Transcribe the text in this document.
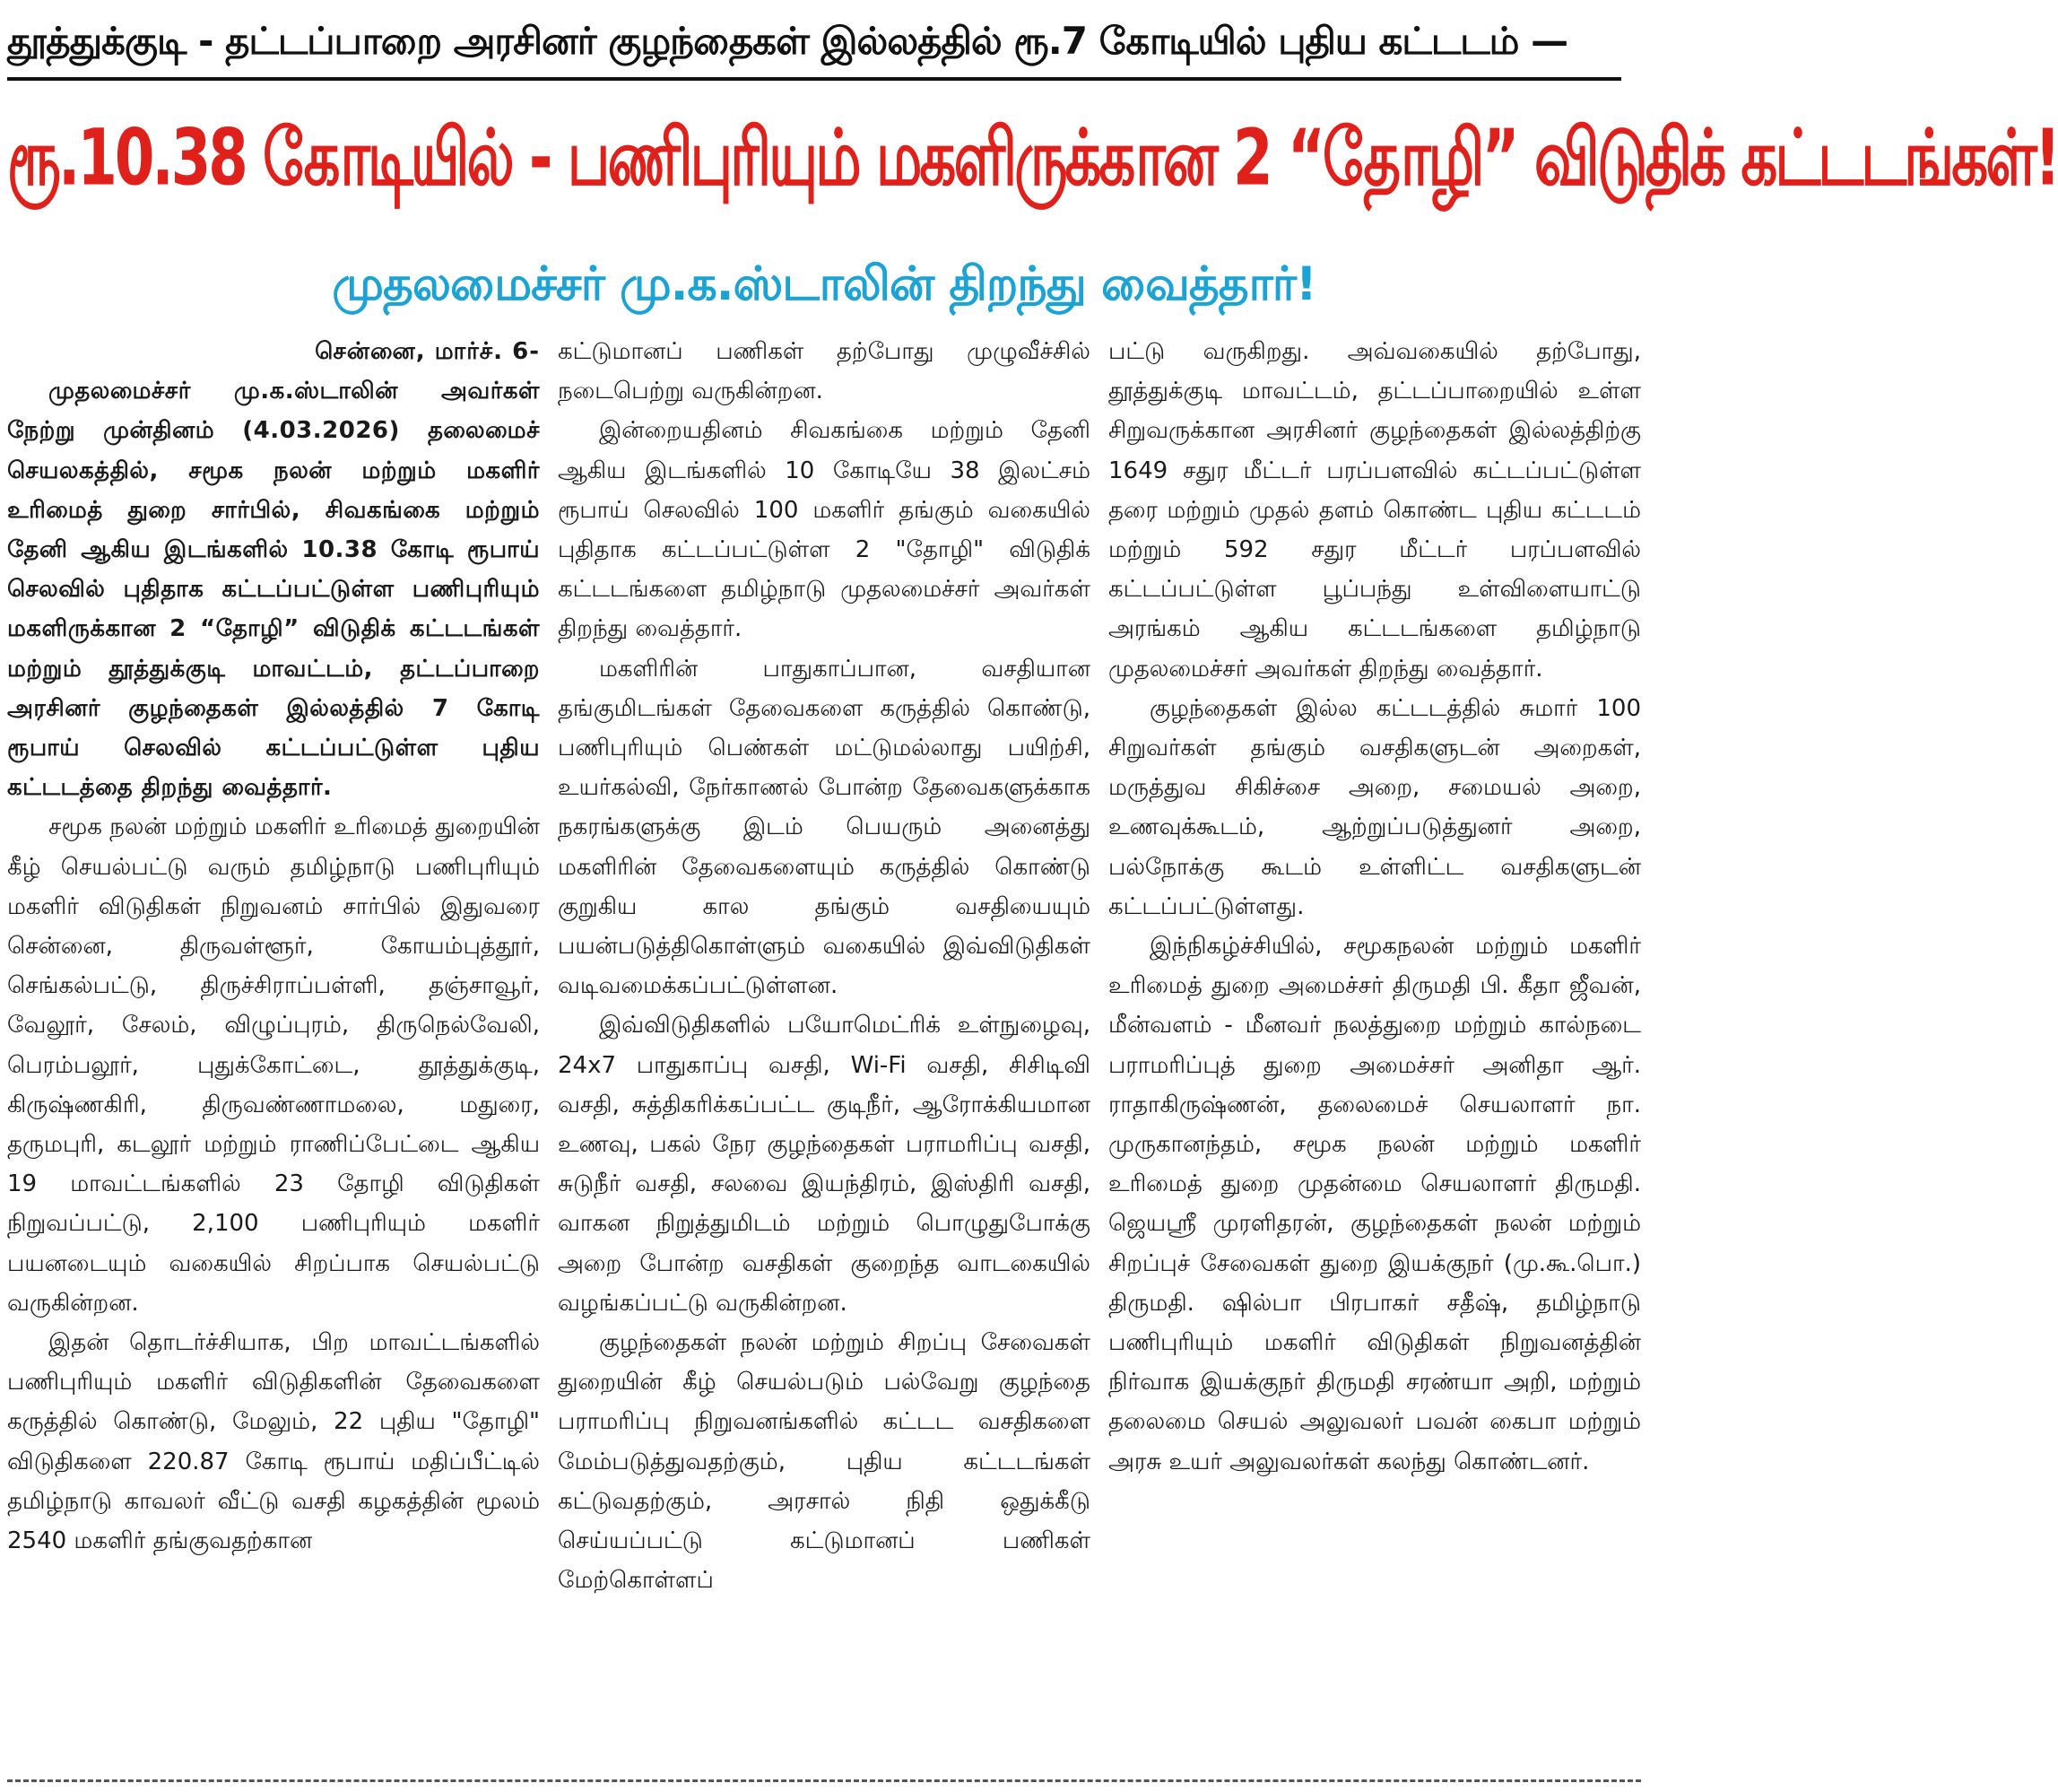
தூத்துக்குடி - தட்டப்பாறை அரசினர் குழந்தைகள் இல்லத்தில் ரூ.7 கோடியில் புதிய கட்டடம் —
ரூ.10.38 கோடியில் - பணிபுரியும் மகளிருக்கான 2 “தோழி” விடுதிக் கட்டடங்கள்!
முதலமைச்சர் மு.க.ஸ்டாலின் திறந்து வைத்தார்!

சென்னை, மார்ச். 6-

முதலமைச்சர் மு.க.ஸ்டாலின் அவர்கள் நேற்று முன்தினம் (4.03.2026) தலைமைச் செயலகத்தில், சமூக நலன் மற்றும் மகளிர் உரிமைத் துறை சார்பில், சிவகங்கை மற்றும் தேனி ஆகிய இடங்களில் 10.38 கோடி ரூபாய் செலவில் புதிதாக கட்டப்பட்டுள்ள பணிபுரியும் மகளிருக்கான 2 “தோழி” விடுதிக் கட்டடங்கள் மற்றும் தூத்துக்குடி மாவட்டம், தட்டப்பாறை அரசினர் குழந்தைகள் இல்லத்தில் 7 கோடி ரூபாய் செலவில் கட்டப்பட்டுள்ள புதிய கட்டடத்தை திறந்து வைத்தார்.

சமூக நலன் மற்றும் மகளிர் உரிமைத் துறையின் கீழ் செயல்பட்டு வரும் தமிழ்நாடு பணிபுரியும் மகளிர் விடுதிகள் நிறுவனம் சார்பில் இதுவரை சென்னை, திருவள்ளூர், கோயம்புத்தூர், செங்கல்பட்டு, திருச்சிராப்பள்ளி, தஞ்சாவூர், வேலூர், சேலம், விழுப்புரம், திருநெல்வேலி, பெரம்பலூர், புதுக்கோட்டை, தூத்துக்குடி, கிருஷ்ணகிரி, திருவண்ணாமலை, மதுரை, தருமபுரி, கடலூர் மற்றும் ராணிப்பேட்டை ஆகிய 19 மாவட்டங்களில் 23 தோழி விடுதிகள் நிறுவப்பட்டு, 2,100 பணிபுரியும் மகளிர் பயனடையும் வகையில் சிறப்பாக செயல்பட்டு வருகின்றன.

இதன் தொடர்ச்சியாக, பிற மாவட்டங்களில் பணிபுரியும் மகளிர் விடுதிகளின் தேவைகளை கருத்தில் கொண்டு, மேலும், 22 புதிய "தோழி" விடுதிகளை 220.87 கோடி ரூபாய் மதிப்பீட்டில் தமிழ்நாடு காவலர் வீட்டு வசதி கழகத்தின் மூலம் 2540 மகளிர் தங்குவதற்கான

கட்டுமானப் பணிகள் தற்போது முழுவீச்சில் நடைபெற்று வருகின்றன.

இன்றையதினம் சிவகங்கை மற்றும் தேனி ஆகிய இடங்களில் 10 கோடியே 38 இலட்சம் ரூபாய் செலவில் 100 மகளிர் தங்கும் வகையில் புதிதாக கட்டப்பட்டுள்ள 2 "தோழி" விடுதிக் கட்டடங்களை தமிழ்நாடு முதலமைச்சர் அவர்கள் திறந்து வைத்தார்.

மகளிரின் பாதுகாப்பான, வசதியான தங்குமிடங்கள் தேவைகளை கருத்தில் கொண்டு, பணிபுரியும் பெண்கள் மட்டுமல்லாது பயிற்சி, உயர்கல்வி, நேர்காணல் போன்ற தேவைகளுக்காக நகரங்களுக்கு இடம் பெயரும் அனைத்து மகளிரின் தேவைகளையும் கருத்தில் கொண்டு குறுகிய கால தங்கும் வசதியையும் பயன்படுத்திகொள்ளும் வகையில் இவ்விடுதிகள் வடிவமைக்கப்பட்டுள்ளன.

இவ்விடுதிகளில் பயோமெட்ரிக் உள்நுழைவு, 24x7 பாதுகாப்பு வசதி, Wi-Fi வசதி, சிசிடிவி வசதி, சுத்திகரிக்கப்பட்ட குடிநீர், ஆரோக்கியமான உணவு, பகல் நேர குழந்தைகள் பராமரிப்பு வசதி, சுடுநீர் வசதி, சலவை இயந்திரம், இஸ்திரி வசதி, வாகன நிறுத்துமிடம் மற்றும் பொழுதுபோக்கு அறை போன்ற வசதிகள் குறைந்த வாடகையில் வழங்கப்பட்டு வருகின்றன.

குழந்தைகள் நலன் மற்றும் சிறப்பு சேவைகள் துறையின் கீழ் செயல்படும் பல்வேறு குழந்தை பராமரிப்பு நிறுவனங்களில் கட்டட வசதிகளை மேம்படுத்துவதற்கும், புதிய கட்டடங்கள் கட்டுவதற்கும், அரசால் நிதி ஒதுக்கீடு செய்யப்பட்டு கட்டுமானப் பணிகள் மேற்கொள்ளப்

பட்டு வருகிறது. அவ்வகையில் தற்போது, தூத்துக்குடி மாவட்டம், தட்டப்பாறையில் உள்ள சிறுவருக்கான அரசினர் குழந்தைகள் இல்லத்திற்கு 1649 சதுர மீட்டர் பரப்பளவில் கட்டப்பட்டுள்ள தரை மற்றும் முதல் தளம் கொண்ட புதிய கட்டடம் மற்றும் 592 சதுர மீட்டர் பரப்பளவில் கட்டப்பட்டுள்ள பூப்பந்து உள்விளையாட்டு அரங்கம் ஆகிய கட்டடங்களை தமிழ்நாடு முதலமைச்சர் அவர்கள் திறந்து வைத்தார்.

குழந்தைகள் இல்ல கட்டடத்தில் சுமார் 100 சிறுவர்கள் தங்கும் வசதிகளுடன் அறைகள், மருத்துவ சிகிச்சை அறை, சமையல் அறை, உணவுக்கூடம், ஆற்றுப்படுத்துனர் அறை, பல்நோக்கு கூடம் உள்ளிட்ட வசதிகளுடன் கட்டப்பட்டுள்ளது.

இந்நிகழ்ச்சியில், சமூகநலன் மற்றும் மகளிர் உரிமைத் துறை அமைச்சர் திருமதி பி. கீதா ஜீவன், மீன்வளம் - மீனவர் நலத்துறை மற்றும் கால்நடை பராமரிப்புத் துறை அமைச்சர் அனிதா ஆர். ராதாகிருஷ்ணன், தலைமைச் செயலாளர் நா. முருகானந்தம், சமூக நலன் மற்றும் மகளிர் உரிமைத் துறை முதன்மை செயலாளர் திருமதி. ஜெயஸ்ரீ முரளிதரன், குழந்தைகள் நலன் மற்றும் சிறப்புச் சேவைகள் துறை இயக்குநர் (மு.கூ.பொ.) திருமதி. ஷில்பா பிரபாகர் சதீஷ், தமிழ்நாடு பணிபுரியும் மகளிர் விடுதிகள் நிறுவனத்தின் நிர்வாக இயக்குநர் திருமதி சரண்யா அறி, மற்றும் தலைமை செயல் அலுவலர் பவன் கைபா மற்றும் அரசு உயர் அலுவலர்கள் கலந்து கொண்டனர்.
